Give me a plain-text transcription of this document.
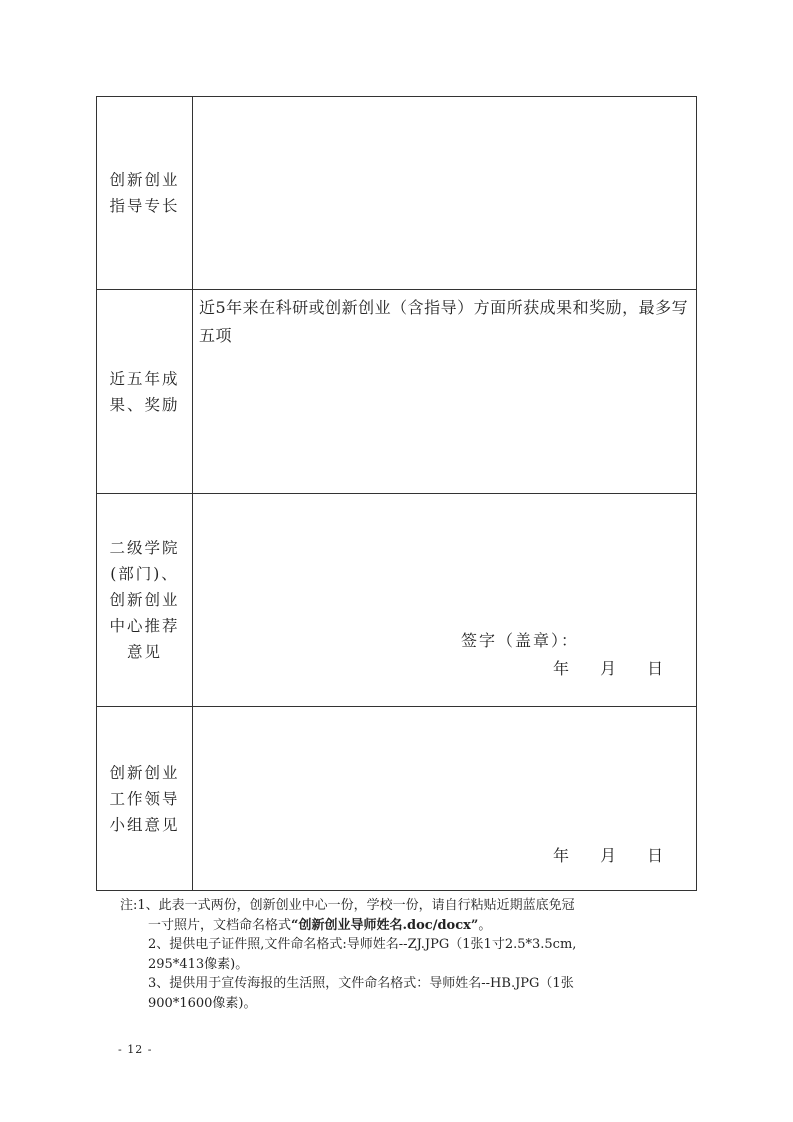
创新创业
指导专长
近五年成
果、奖励
近5年来在科研或创新创业（含指导）方面所获成果和奖励，最多写五项
二级学院
(部门)、
创新创业
中心推荐
意见
签字（盖章）：
年 月 日
创新创业
工作领导
小组意见
年 月 日
注:1、此表一式两份，创新创业中心一份，学校一份，请自行粘贴近期蓝底免冠
一寸照片，文档命名格式“创新创业导师姓名.doc/docx”。
2、提供电子证件照,文件命名格式:导师姓名--ZJ.JPG（1张1寸2.5*3.5cm,
295*413像素)。
3、提供用于宣传海报的生活照，文件命名格式：导师姓名--HB.JPG（1张
900*1600像素)。
- 12 -
